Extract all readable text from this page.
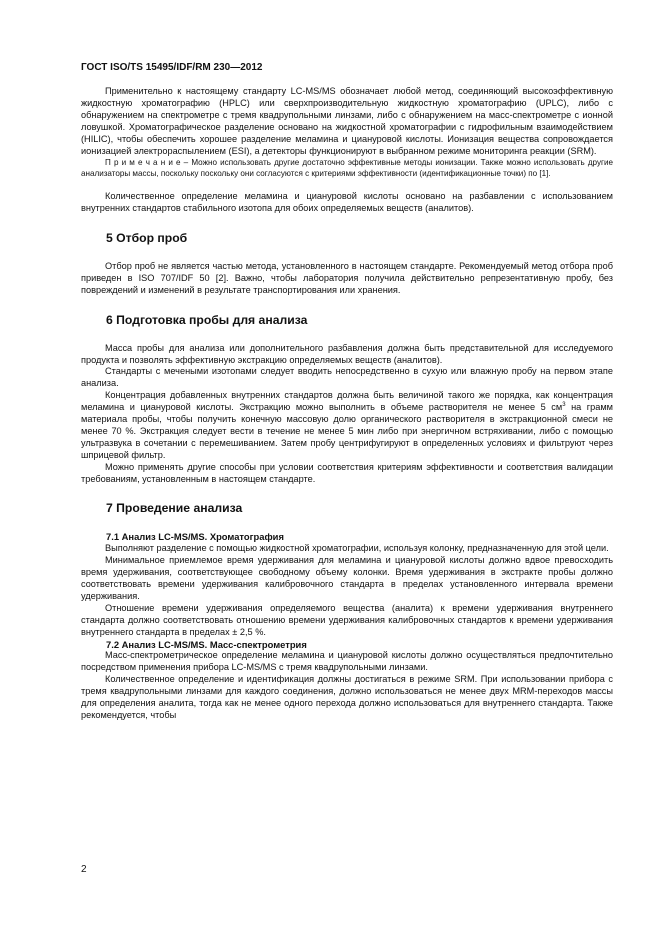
ГОСТ ISO/TS 15495/IDF/RM 230—2012

Применительно к настоящему стандарту LC-MS/MS обозначает любой метод, соединяющий высокоэффективную жидкостную хроматографию (HPLC) или сверхпроизводительную жидкостную хроматографию (UPLC), либо с обнаружением на спектрометре с тремя квадрупольными линзами, либо с обнаружением на масс-спектрометре с ионной ловушкой. Хроматографическое разделение основано на жидкостной хроматографии с гидрофильным взаимодействием (HILIC), чтобы обеспечить хорошее разделение меламина и циануровой кислоты. Ионизация вещества сопровождается ионизацией электрораспылением (ESI), а детекторы функционируют в выбранном режиме мониторинга реакции (SRM).

П р и м е ч а н и е – Можно использовать другие достаточно эффективные методы ионизации. Также можно использовать другие анализаторы массы, поскольку поскольку они согласуются с критериями эффективности (идентификационные точки) по [1].

Количественное определение меламина и циануровой кислоты основано на разбавлении с использованием внутренних стандартов стабильного изотопа для обоих определяемых веществ (аналитов).

5 Отбор проб

Отбор проб не является частью метода, установленного в настоящем стандарте. Рекомендуемый метод отбора проб приведен в ISO 707/IDF 50 [2]. Важно, чтобы лаборатория получила действительно репрезентативную пробу, без повреждений и изменений в результате транспортирования или хранения.

6 Подготовка пробы для анализа

Масса пробы для анализа или дополнительного разбавления должна быть представительной для исследуемого продукта и позволять эффективную экстракцию определяемых веществ (аналитов).

Стандарты с мечеными изотопами следует вводить непосредственно в сухую или влажную пробу на первом этапе анализа.

Концентрация добавленных внутренних стандартов должна быть величиной такого же порядка, как концентрация меламина и циануровой кислоты. Экстракцию можно выполнить в объеме растворителя не менее 5 $см^3$ на грамм материала пробы, чтобы получить конечную массовую долю органического растворителя в экстракционной смеси не менее 70 %. Экстракция следует вести в течение не менее 5 мин либо при энергичном встряхивании, либо с помощью ультразвука в сочетании с перемешиванием. Затем пробу центрифугируют в определенных условиях и фильтруют через шприцевой фильтр.

Можно применять другие способы при условии соответствия критериям эффективности и соответствия валидации требованиям, установленным в настоящем стандарте.

7 Проведение анализа
7.1 Анализ LC-MS/MS. Хроматография

Выполняют разделение с помощью жидкостной хроматографии, используя колонку, предназначенную для этой цели.

Минимальное приемлемое время удерживания для меламина и циануровой кислоты должно вдвое превосходить время удерживания, соответствующее свободному объему колонки. Время удерживания в экстракте пробы должно соответствовать времени удерживания калибровочного стандарта в пределах установленного интервала времени удерживания.

Отношение времени удерживания определяемого вещества (аналита) к времени удерживания внутреннего стандарта должно соответствовать отношению времени удерживания калибровочных стандартов к времени удерживания внутреннего стандарта в пределах ± 2,5 %.

7.2 Анализ LC-MS/MS. Масс-спектрометрия

Масс-спектрометрическое определение меламина и циануровой кислоты должно осуществляться предпочтительно посредством применения прибора LC-MS/MS с тремя квадрупольными линзами.

Количественное определение и идентификация должны достигаться в режиме SRM. При использовании прибора с тремя квадрупольными линзами для каждого соединения, должно использоваться не менее двух MRM-переходов массы для определения аналита, тогда как не менее одного перехода должно использоваться для внутреннего стандарта. Также рекомендуется, чтобы

2
